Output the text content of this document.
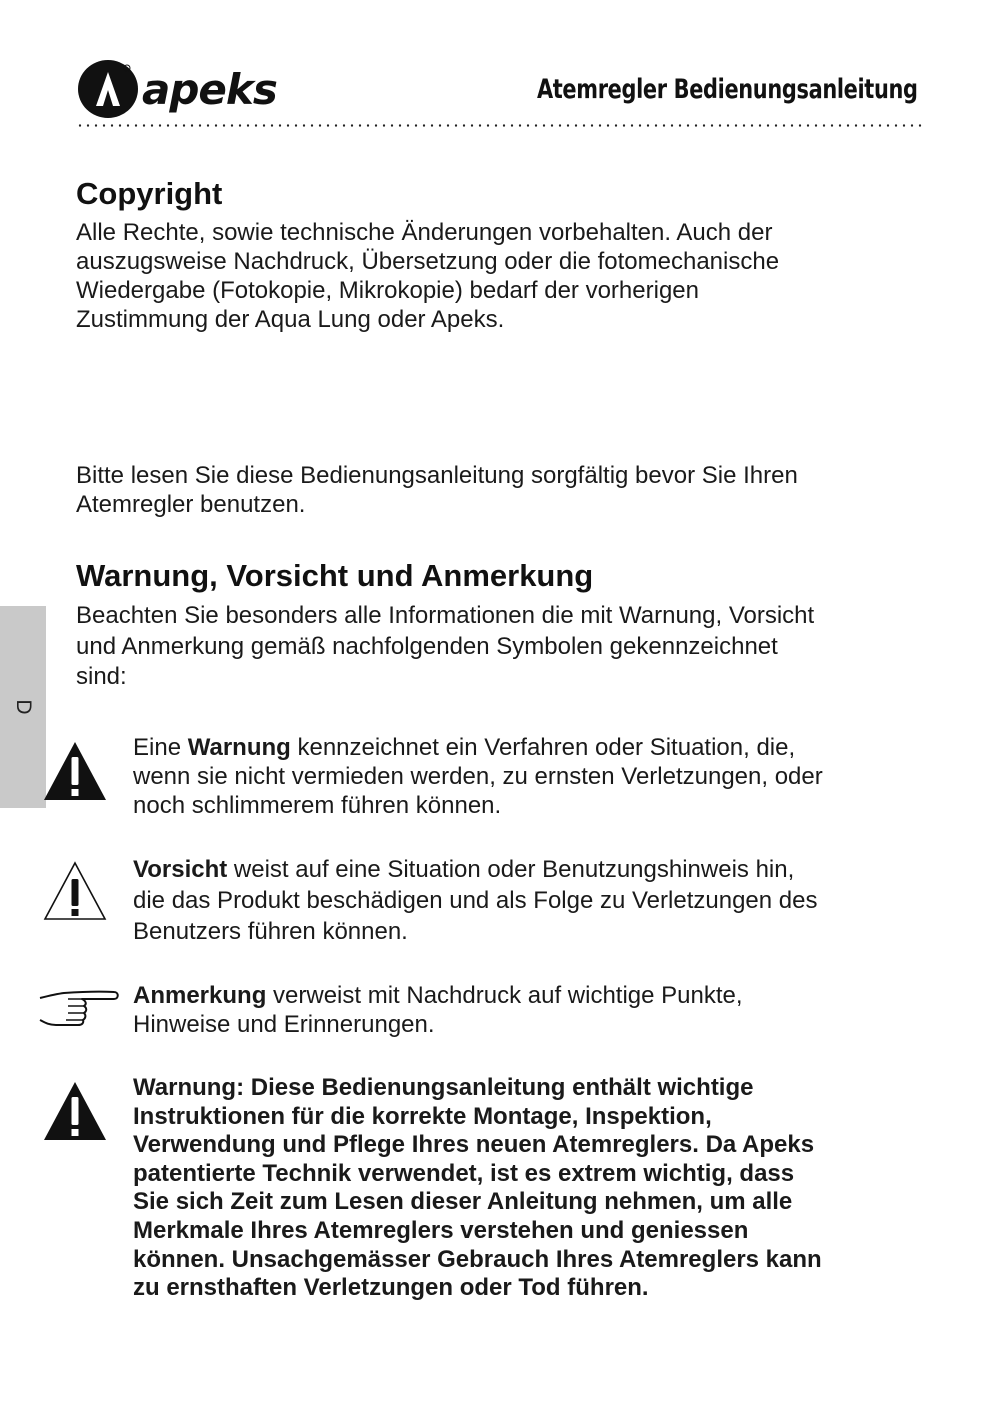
apeks	Atemregler Bedienungsanleitung
D
Copyright
Alle Rechte, sowie technische Änderungen vorbehalten. Auch der
auszugsweise Nachdruck, Übersetzung oder die fotomechanische
Wiedergabe (Fotokopie, Mikrokopie) bedarf der vorherigen
Zustimmung der Aqua Lung oder Apeks.
Bitte lesen Sie diese Bedienungsanleitung sorgfältig bevor Sie Ihren
Atemregler benutzen.
Warnung, Vorsicht und Anmerkung
Beachten Sie besonders alle Informationen die mit Warnung, Vorsicht
und Anmerkung gemäß nachfolgenden Symbolen gekennzeichnet
sind:
Eine Warnung kennzeichnet ein Verfahren oder Situation, die,
wenn sie nicht vermieden werden, zu ernsten Verletzungen, oder
noch schlimmerem führen können.
Vorsicht weist auf eine Situation oder Benutzungshinweis hin,
die das Produkt beschädigen und als Folge zu Verletzungen des
Benutzers führen können.
Anmerkung verweist mit Nachdruck auf wichtige Punkte,
Hinweise und Erinnerungen.
Warnung: Diese Bedienungsanleitung enthält wichtige
Instruktionen für die korrekte Montage, Inspektion,
Verwendung und Pflege Ihres neuen Atemreglers. Da Apeks
patentierte Technik verwendet, ist es extrem wichtig, dass
Sie sich Zeit zum Lesen dieser Anleitung nehmen, um alle
Merkmale Ihres Atemreglers verstehen und geniessen
können. Unsachgemässer Gebrauch Ihres Atemreglers kann
zu ernsthaften Verletzungen oder Tod führen.
